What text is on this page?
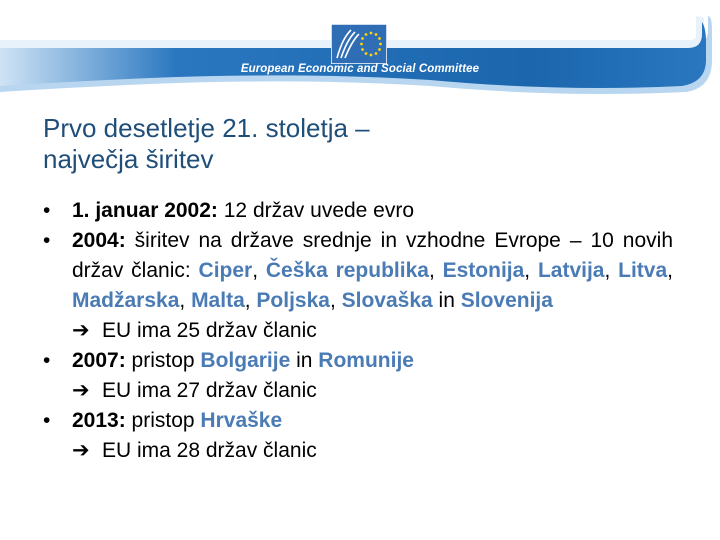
European Economic and Social Committee
Prvo desetletje 21. stoletja –
največja širitev
•	1. januar 2002: 12 držav uvede evro
•	2004: širitev na države srednje in vzhodne Evrope – 10 novih držav članic: Ciper, Češka republika, Estonija, Latvija, Litva, Madžarska, Malta, Poljska, Slovaška in Slovenija
➔ EU ima 25 držav članic
•	2007: pristop Bolgarije in Romunije
➔ EU ima 27 držav članic
•	2013: pristop Hrvaške
➔ EU ima 28 držav članic
